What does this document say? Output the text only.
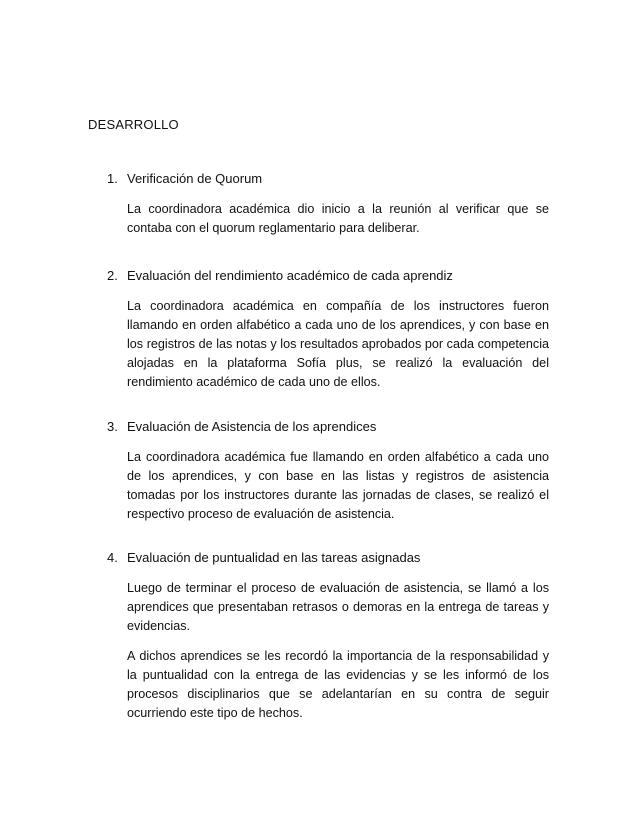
DESARROLLO
1. Verificación de Quorum
La coordinadora académica dio inicio a la reunión al verificar que se contaba con el quorum reglamentario para deliberar.
2. Evaluación del rendimiento académico de cada aprendiz
La coordinadora académica en compañía de los instructores fueron llamando en orden alfabético a cada uno de los aprendices, y con base en los registros de las notas y los resultados aprobados por cada competencia alojadas en la plataforma Sofía plus, se realizó la evaluación del rendimiento académico de cada uno de ellos.
3. Evaluación de Asistencia de los aprendices
La coordinadora académica fue llamando en orden alfabético a cada uno de los aprendices, y con base en las listas y registros de asistencia tomadas por los instructores durante las jornadas de clases, se realizó el respectivo proceso de evaluación de asistencia.
4. Evaluación de puntualidad en las tareas asignadas
Luego de terminar el proceso de evaluación de asistencia, se llamó a los aprendices que presentaban retrasos o demoras en la entrega de tareas y evidencias.
A dichos aprendices se les recordó la importancia de la responsabilidad y la puntualidad con la entrega de las evidencias y se les informó de los procesos disciplinarios que se adelantarían en su contra de seguir ocurriendo este tipo de hechos.
